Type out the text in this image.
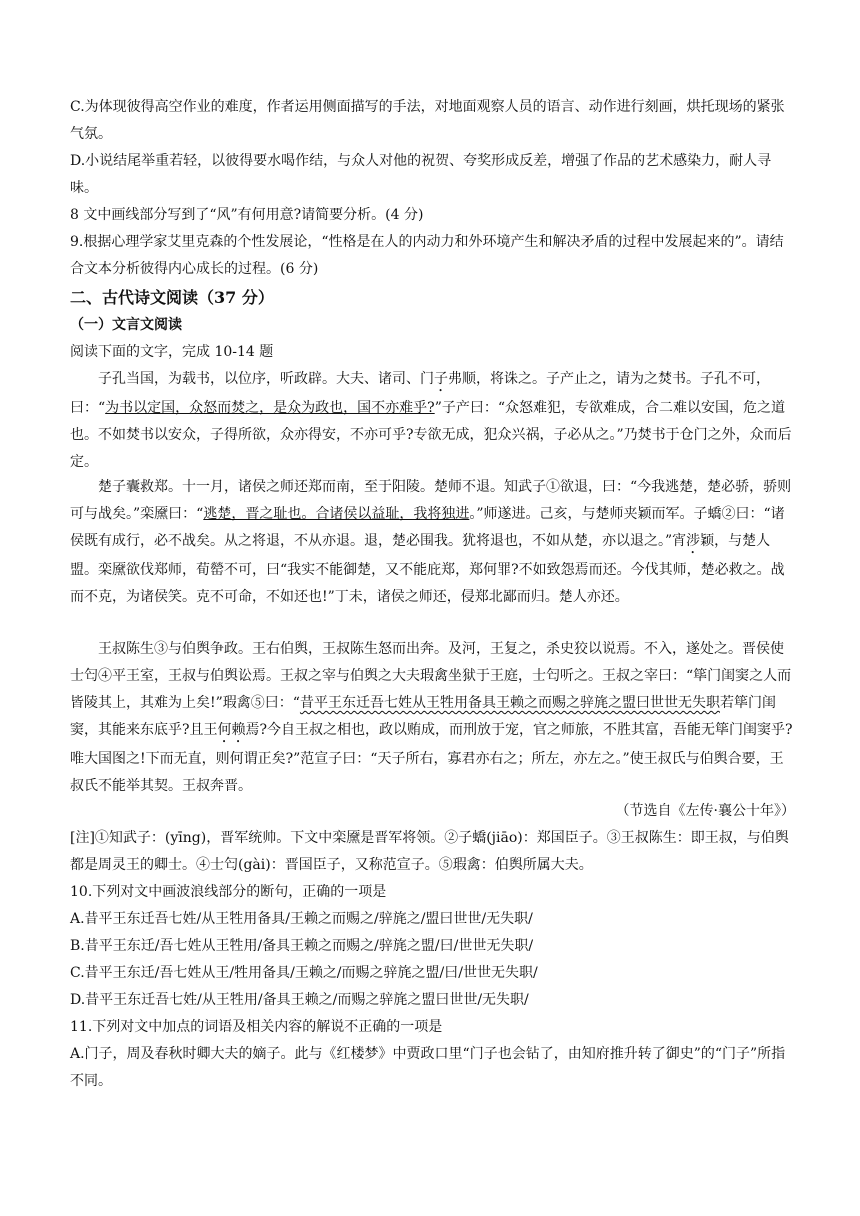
C.为体现彼得高空作业的难度，作者运用侧面描写的手法，对地面观察人员的语言、动作进行刻画，烘托现场的紧张气氛。

D.小说结尾举重若轻，以彼得要水喝作结，与众人对他的祝贺、夸奖形成反差，增强了作品的艺术感染力，耐人寻味。

8 文中画线部分写到了“风”有何用意?请简要分析。(4 分)

9.根据心理学家艾里克森的个性发展论，“性格是在人的内动力和外环境产生和解决矛盾的过程中发展起来的”。请结合文本分析彼得内心成长的过程。(6 分)

二、古代诗文阅读（37 分）

（一）文言文阅读

阅读下面的文字，完成 10-14 题

子孔当国，为载书，以位序，听政辟。大夫、诸司、门子弗顺，将诛之。子产止之，请为之焚书。子孔不可，曰：“为书以定国，众怒而焚之，是众为政也，国不亦难乎?”子产曰：“众怒难犯，专欲难成，合二难以安国，危之道也。不如焚书以安众，子得所欲，众亦得安，不亦可乎?专欲无成，犯众兴祸，子必从之。”乃焚书于仓门之外，众而后定。

楚子囊救郑。十一月，诸侯之师还郑而南，至于阳陵。楚师不退。知武子①欲退，曰：“今我逃楚，楚必骄，骄则可与战矣。”栾黡曰：“逃楚，晋之耻也。合诸侯以益耻，我将独进。”师遂进。己亥，与楚师夹颖而军。子蟜②曰：“诸侯既有成行，必不战矣。从之将退，不从亦退。退，楚必围我。犹将退也，不如从楚，亦以退之。”宵涉颖，与楚人盟。栾黡欲伐郑师，荀罃不可，曰“我实不能御楚，又不能庇郑，郑何罪?不如致怨焉而还。今伐其师，楚必救之。战而不克，为诸侯笑。克不可命，不如还也!”丁未，诸侯之师还，侵郑北鄙而归。楚人亦还。

王叔陈生③与伯舆争政。王右伯舆，王叔陈生怒而出奔。及河，王复之，杀史狡以说焉。不入，遂处之。晋侯使士匄④平王室，王叔与伯舆讼焉。王叔之宰与伯舆之大夫瑕禽坐狱于王庭，士匄听之。王叔之宰曰：“筚门闺窦之人而皆陵其上，其难为上矣!”瑕禽⑤曰：“昔平王东迁吾七姓从王牲用备具王赖之而赐之骍旄之盟曰世世无失职若筚门闺窦，其能来东底乎?且王何赖焉?今自王叔之相也，政以贿成，而刑放于宠，官之师旅，不胜其富，吾能无筚门闺窦乎?唯大国图之!下而无直，则何谓正矣?”范宣子曰：“天子所右，寡君亦右之；所左，亦左之。”使王叔氏与伯舆合要，王叔氏不能举其契。王叔奔晋。

（节选自《左传·襄公十年》）

[注]①知武子：(yīng)，晋军统帅。下文中栾黡是晋军将领。②子蟜(jiāo)：郑国臣子。③王叔陈生：即王叔，与伯舆都是周灵王的卿士。④士匄(gài)：晋国臣子，又称范宣子。⑤瑕禽：伯舆所属大夫。

10.下列对文中画波浪线部分的断句，正确的一项是

A.昔平王东迁吾七姓/从王牲用备具/王赖之而赐之/骍旄之/盟曰世世/无失职/

B.昔平王东迁/吾七姓从王牲用/备具王赖之而赐之/骍旄之盟/曰/世世无失职/

C.昔平王东迁/吾七姓从王/牲用备具/王赖之/而赐之骍旄之盟/曰/世世无失职/

D.昔平王东迁吾七姓/从王牲用/备具王赖之/而赐之骍旄之盟曰世世/无失职/

11.下列对文中加点的词语及相关内容的解说不正确的一项是

A.门子，周及春秋时卿大夫的嫡子。此与《红楼梦》中贾政口里“门子也会钻了，由知府推升转了御史”的“门子”所指不同。
